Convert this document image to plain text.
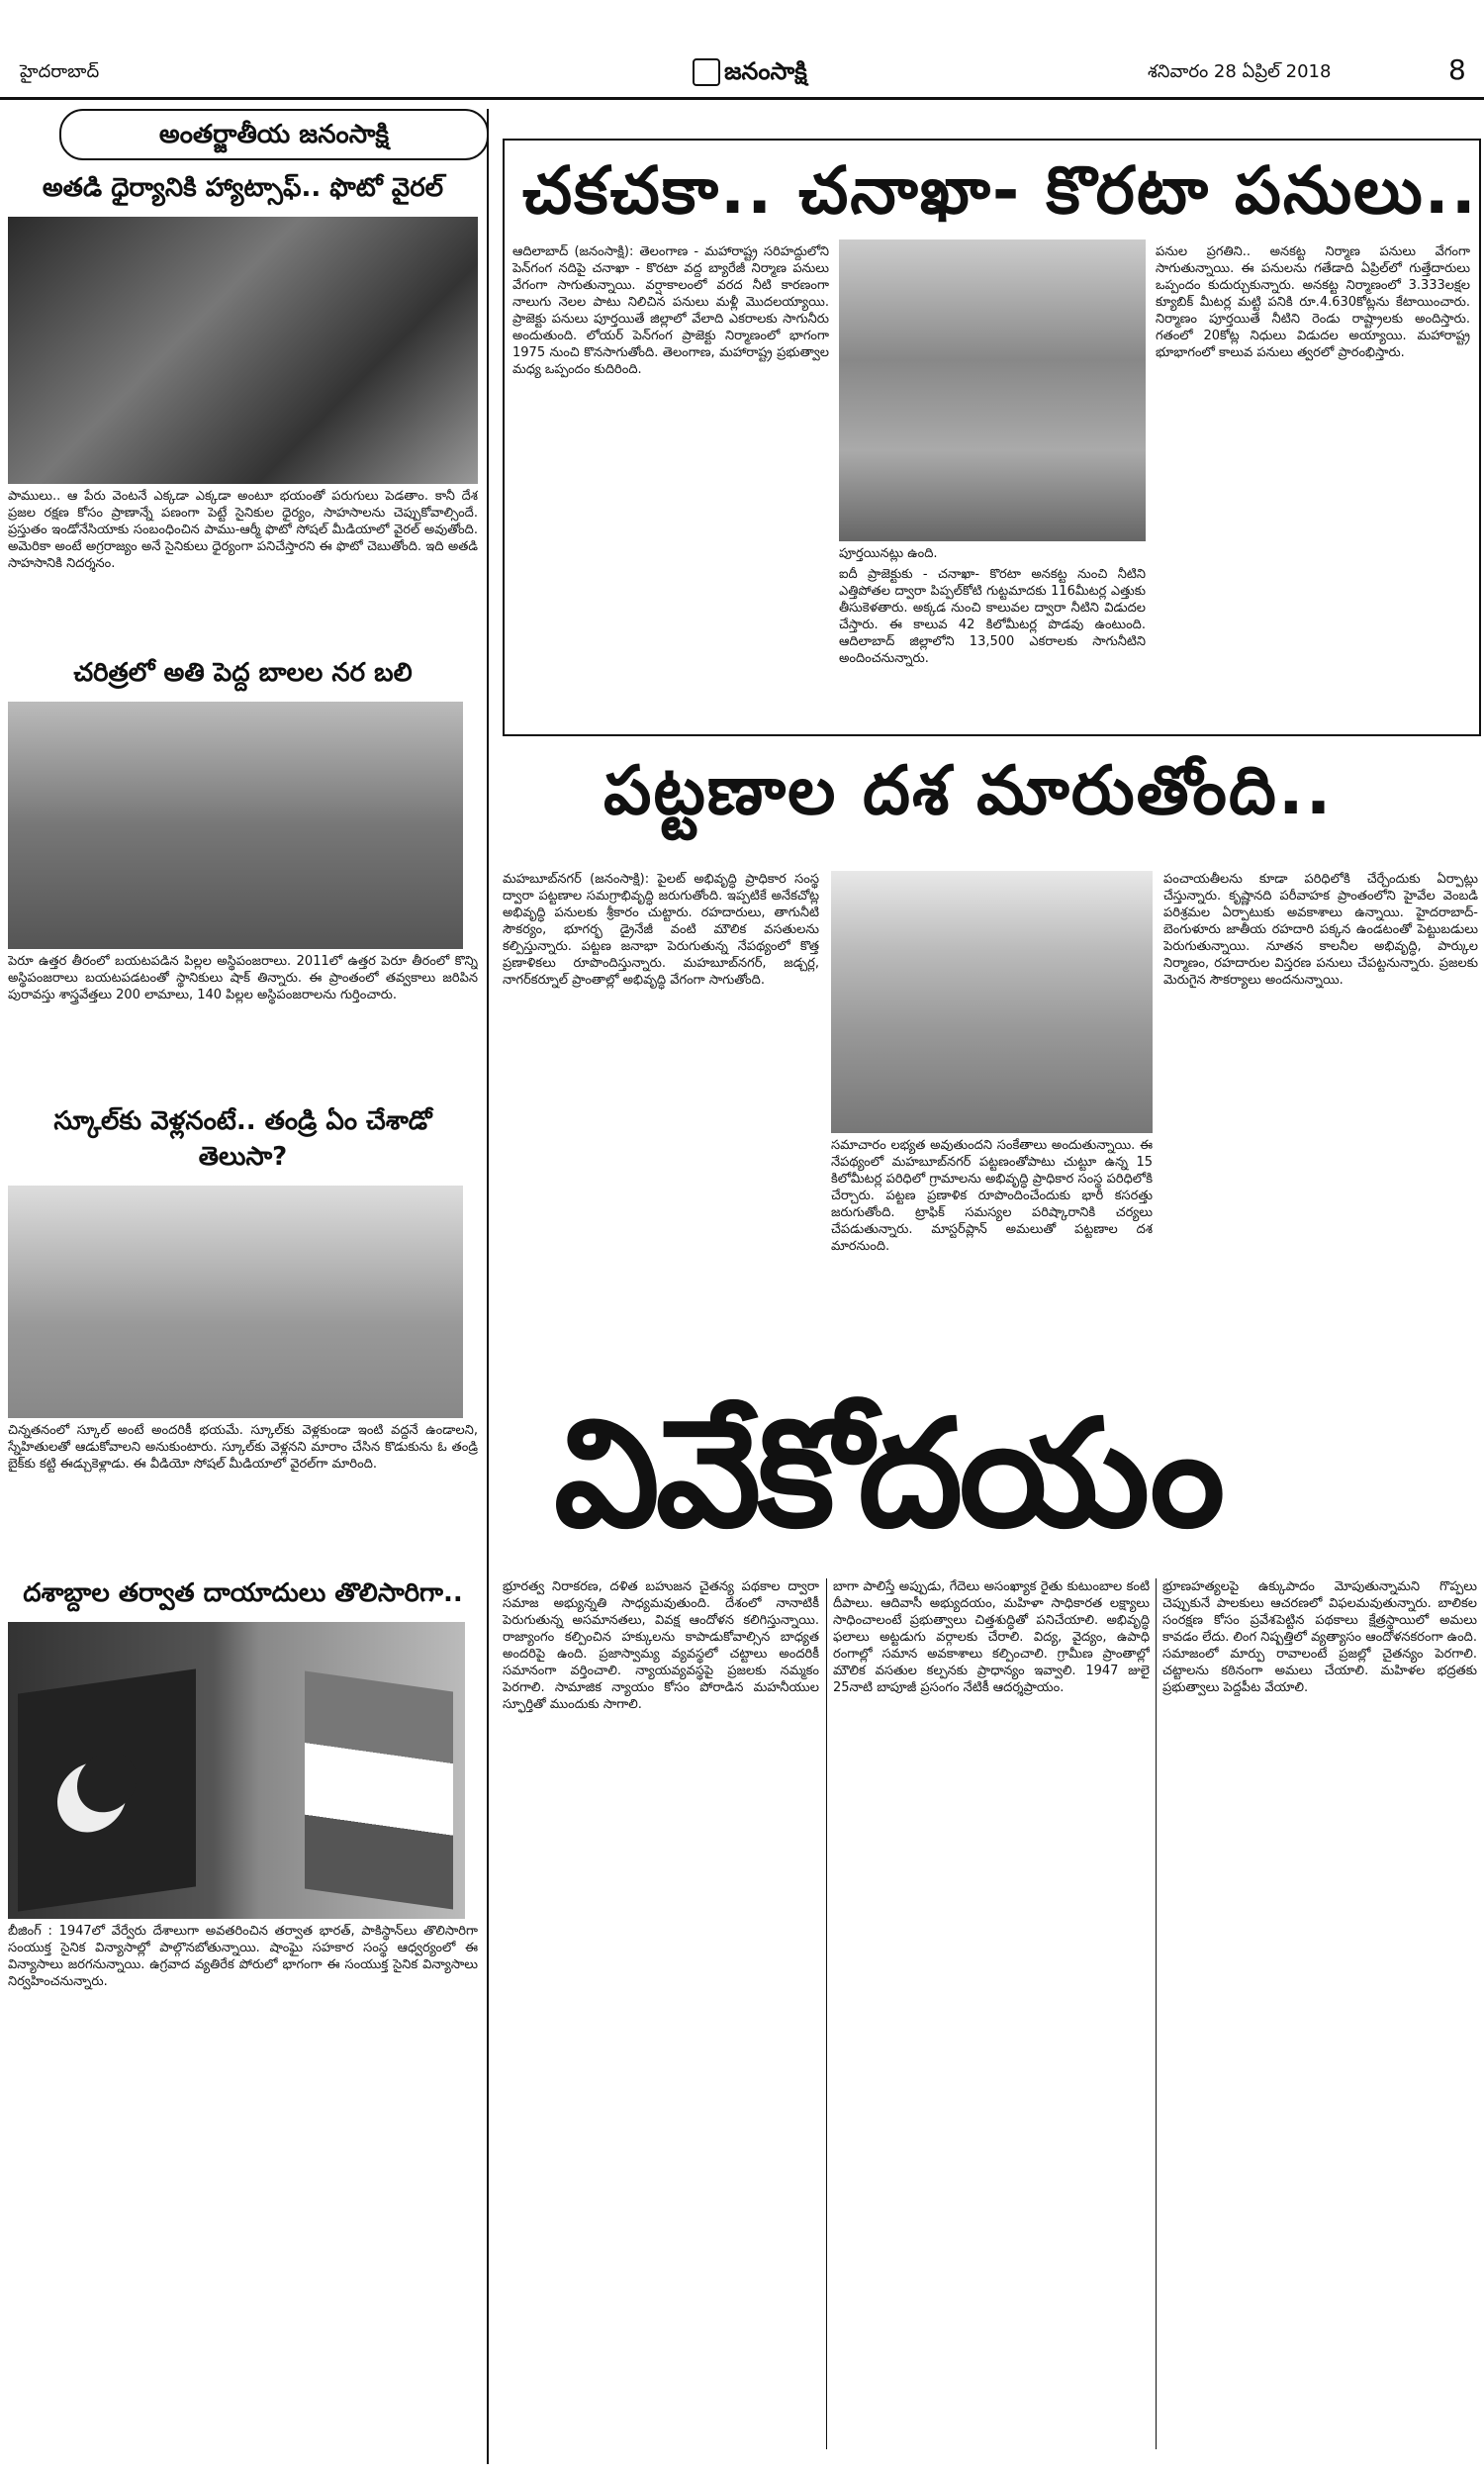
హైదరాబాద్	జనంసాక్షి	శనివారం 28 ఏప్రిల్ 2018	8
అంతర్జాతీయ జనంసాక్షి
అతడి ధైర్యానికి హ్యాట్సాఫ్‌.. ఫొటో వైరల్‌
పాములు.. ఆ పేరు వెంటనే ఎక్కడా ఎక్కడా అంటూ భయంతో పరుగులు పెడతాం. కానీ దేశ ప్రజల రక్షణ కోసం ప్రాణాన్నే పణంగా పెట్టే సైనికుల ధైర్యం, సాహసాలను చెప్పుకోవాల్సిందే. ప్రస్తుతం ఇండోనేసియాకు సంబంధించిన పాము-ఆర్మీ ఫొటో సోషల్‌ మీడియాలో వైరల్‌ అవుతోంది. అమెరికా అంటే అగ్రరాజ్యం అనే సైనికులు ధైర్యంగా పనిచేస్తారని ఈ ఫొటో చెబుతోంది. ఇది అతడి సాహసానికి నిదర్శనం.
చరిత్రలో అతి పెద్ద బాలల నర బలి
పెరూ ఉత్తర తీరంలో బయటపడిన పిల్లల అస్థిపంజరాలు. 2011లో ఉత్తర పెరూ తీరంలో కొన్ని అస్థిపంజరాలు బయటపడటంతో స్థానికులు షాక్‌ తిన్నారు. ఈ ప్రాంతంలో తవ్వకాలు జరిపిన పురావస్తు శాస్త్రవేత్తలు 200 లామాలు, 140 పిల్లల అస్థిపంజరాలను గుర్తించారు.
స్కూల్‌కు వెళ్లనంటే.. తండ్రి ఏం చేశాడో తెలుసా?
చిన్నతనంలో స్కూల్‌ అంటే అందరికీ భయమే. స్కూల్‌కు వెళ్లకుండా ఇంటి వద్దనే ఉండాలని, స్నేహితులతో ఆడుకోవాలని అనుకుంటారు. స్కూల్‌కు వెళ్లనని మారాం చేసిన కొడుకును ఓ తండ్రి బైక్‌కు కట్టి ఈడ్చుకెళ్లాడు. ఈ వీడియో సోషల్‌ మీడియాలో వైరల్‌గా మారింది.
దశాబ్దాల తర్వాత దాయాదులు తొలిసారిగా..
బీజింగ్‌ : 1947లో వేర్వేరు దేశాలుగా అవతరించిన తర్వాత భారత్‌, పాకిస్థాన్‌లు తొలిసారిగా సంయుక్త సైనిక విన్యాసాల్లో పాల్గొనబోతున్నాయి. షాంఘై సహకార సంస్థ ఆధ్వర్యంలో ఈ విన్యాసాలు జరగనున్నాయి. ఉగ్రవాద వ్యతిరేక పోరులో భాగంగా ఈ సంయుక్త సైనిక విన్యాసాలు నిర్వహించనున్నారు.
చకచకా.. చనాఖా- కొరటా పనులు..
ఆదిలాబాద్‌ (జనంసాక్షి): తెలంగాణ - మహారాష్ట్ర సరిహద్దులోని పెన్‌గంగ నదిపై చనాఖా - కొరటా వద్ద బ్యారేజీ నిర్మాణ పనులు వేగంగా సాగుతున్నాయి. వర్షాకాలంలో వరద నీటి కారణంగా నాలుగు నెలల పాటు నిలిచిన పనులు మళ్లీ మొదలయ్యాయి. ప్రాజెక్టు పనులు పూర్తయితే జిల్లాలో వేలాది ఎకరాలకు సాగునీరు అందుతుంది. లోయర్‌ పెన్‌గంగ ప్రాజెక్టు నిర్మాణంలో భాగంగా 1975 నుంచి కొనసాగుతోంది. తెలంగాణ, మహారాష్ట్ర ప్రభుత్వాల మధ్య ఒప్పందం కుదిరింది.
పూర్తయినట్లు ఉంది.
ఐదీ ప్రాజెక్టుకు - చనాఖా- కొరటా అనకట్ట నుంచి నీటిని ఎత్తిపోతల ద్వారా పిప్పల్‌కోటి గుట్టమాదకు 116మీటర్ల ఎత్తుకు తీసుకెళతారు. అక్కడ నుంచి కాలువల ద్వారా నీటిని విడుదల చేస్తారు. ఈ కాలువ 42 కిలోమీటర్ల పొడవు ఉంటుంది. ఆదిలాబాద్‌ జిల్లాలోని 13,500 ఎకరాలకు సాగునీటిని అందించనున్నారు.
పనుల ప్రగతిని.. అనకట్ట నిర్మాణ పనులు వేగంగా సాగుతున్నాయి. ఈ పనులను గతేడాది ఏప్రిల్‌లో గుత్తేదారులు ఒప్పందం కుదుర్చుకున్నారు. అనకట్ట నిర్మాణంలో 3.333లక్షల క్యూబిక్‌ మీటర్ల మట్టి పనికి రూ.4.630కోట్లను కేటాయించారు. నిర్మాణం పూర్తయితే నీటిని రెండు రాష్ట్రాలకు అందిస్తారు. గతంలో 20కోట్ల నిధులు విడుదల అయ్యాయి. మహారాష్ట్ర భూభాగంలో కాలువ పనులు త్వరలో ప్రారంభిస్తారు.
పట్టణాల దశ మారుతోంది..
మహబూబ్‌నగర్‌ (జనంసాక్షి): పైలట్‌ అభివృద్ధి ప్రాధికార సంస్థ ద్వారా పట్టణాల సమగ్రాభివృద్ధి జరుగుతోంది. ఇప్పటికే అనేకచోట్ల అభివృద్ధి పనులకు శ్రీకారం చుట్టారు. రహదారులు, తాగునీటి సౌకర్యం, భూగర్భ డ్రైనేజీ వంటి మౌలిక వసతులను కల్పిస్తున్నారు. పట్టణ జనాభా పెరుగుతున్న నేపథ్యంలో కొత్త ప్రణాళికలు రూపొందిస్తున్నారు. మహబూబ్‌నగర్‌, జడ్చర్ల, నాగర్‌కర్నూల్‌ ప్రాంతాల్లో అభివృద్ధి వేగంగా సాగుతోంది.
సమాచారం లభ్యత అవుతుందని సంకేతాలు అందుతున్నాయి. ఈ నేపథ్యంలో మహబూబ్‌నగర్‌ పట్టణంతోపాటు చుట్టూ ఉన్న 15 కిలోమీటర్ల పరిధిలో గ్రామాలను అభివృద్ధి ప్రాధికార సంస్థ పరిధిలోకి చేర్చారు. పట్టణ ప్రణాళిక రూపొందించేందుకు భారీ కసరత్తు జరుగుతోంది. ట్రాఫిక్‌ సమస్యల పరిష్కారానికి చర్యలు చేపడుతున్నారు. మాస్టర్‌ప్లాన్‌ అమలుతో పట్టణాల దశ మారనుంది.
పంచాయతీలను కూడా పరిధిలోకి చేర్చేందుకు ఏర్పాట్లు చేస్తున్నారు. కృష్ణానది పరీవాహక ప్రాంతంలోని హైవేల వెంబడి పరిశ్రమల ఏర్పాటుకు అవకాశాలు ఉన్నాయి. హైదరాబాద్‌-బెంగుళూరు జాతీయ రహదారి పక్కన ఉండటంతో పెట్టుబడులు పెరుగుతున్నాయి. నూతన కాలనీల అభివృద్ధి, పార్కుల నిర్మాణం, రహదారుల విస్తరణ పనులు చేపట్టనున్నారు. ప్రజలకు మెరుగైన సౌకర్యాలు అందనున్నాయి.
వివేకోదయం
భ్రూరత్వ నిరాకరణ, దళిత బహుజన చైతన్య పథకాల ద్వారా సమాజ అభ్యున్నతి సాధ్యమవుతుంది. దేశంలో నానాటికీ పెరుగుతున్న అసమానతలు, వివక్ష ఆందోళన కలిగిస్తున్నాయి. రాజ్యాంగం కల్పించిన హక్కులను కాపాడుకోవాల్సిన బాధ్యత అందరిపై ఉంది. ప్రజాస్వామ్య వ్యవస్థలో చట్టాలు అందరికీ సమానంగా వర్తించాలి. న్యాయవ్యవస్థపై ప్రజలకు నమ్మకం పెరగాలి. సామాజిక న్యాయం కోసం పోరాడిన మహనీయుల స్ఫూర్తితో ముందుకు సాగాలి.
బాగా పాలిస్తే అప్పుడు, గేదెలు అసంఖ్యాక రైతు కుటుంబాల కంటి దీపాలు. ఆదివాసీ అభ్యుదయం, మహిళా సాధికారత లక్ష్యాలు సాధించాలంటే ప్రభుత్వాలు చిత్తశుద్ధితో పనిచేయాలి. అభివృద్ధి ఫలాలు అట్టడుగు వర్గాలకు చేరాలి. విద్య, వైద్యం, ఉపాధి రంగాల్లో సమాన అవకాశాలు కల్పించాలి. గ్రామీణ ప్రాంతాల్లో మౌలిక వసతుల కల్పనకు ప్రాధాన్యం ఇవ్వాలి. 1947 జులై 25నాటి బాపూజీ ప్రసంగం నేటికీ ఆదర్శప్రాయం.
భ్రూణహత్యలపై ఉక్కుపాదం మోపుతున్నామని గొప్పలు చెప్పుకునే పాలకులు ఆచరణలో విఫలమవుతున్నారు. బాలికల సంరక్షణ కోసం ప్రవేశపెట్టిన పథకాలు క్షేత్రస్థాయిలో అమలు కావడం లేదు. లింగ నిష్పత్తిలో వ్యత్యాసం ఆందోళనకరంగా ఉంది. సమాజంలో మార్పు రావాలంటే ప్రజల్లో చైతన్యం పెరగాలి. చట్టాలను కఠినంగా అమలు చేయాలి. మహిళల భద్రతకు ప్రభుత్వాలు పెద్దపీట వేయాలి.
